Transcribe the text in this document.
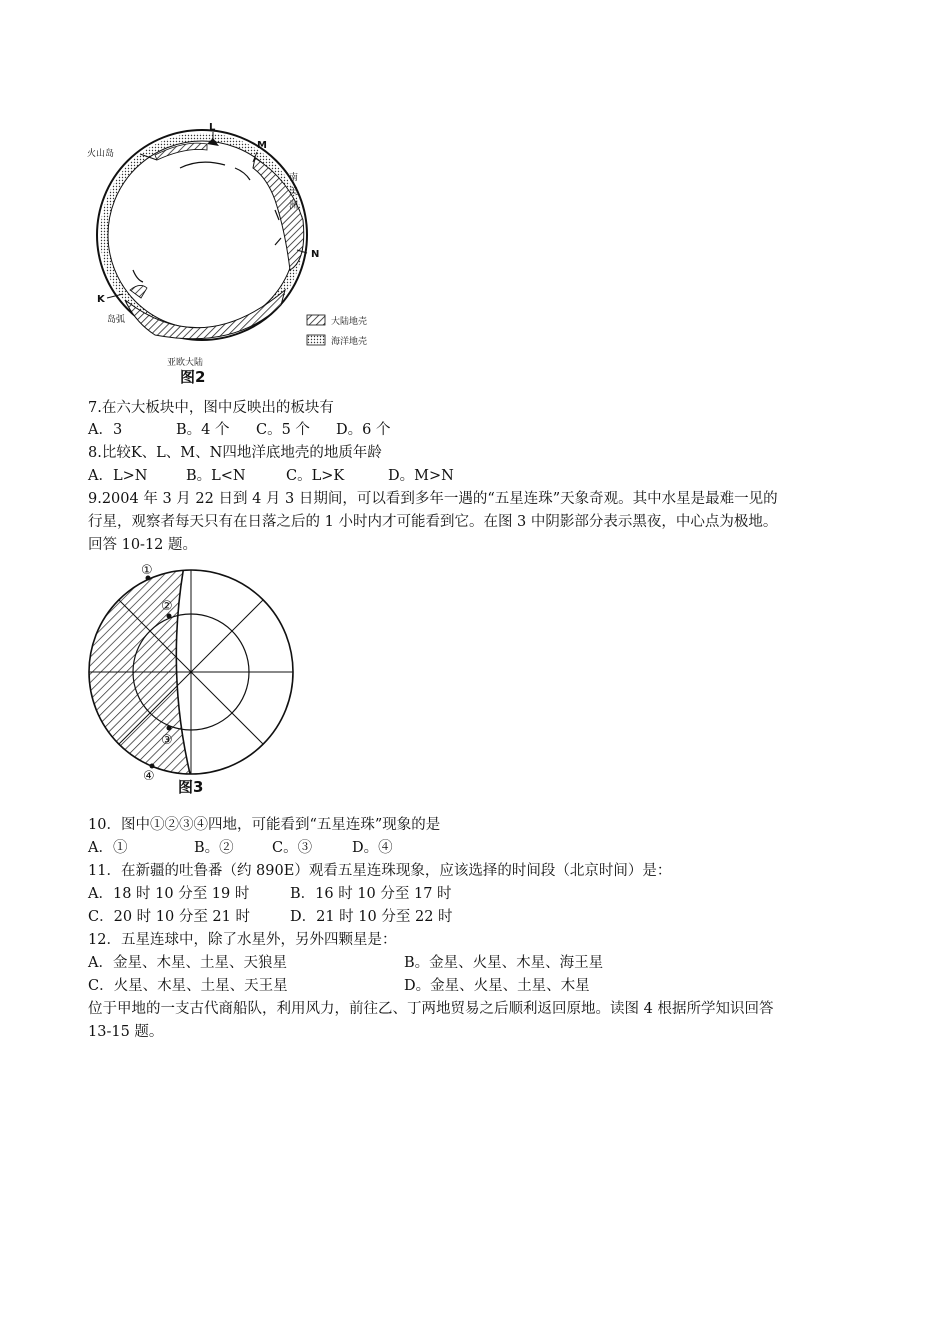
L
M
N
K
火山岛
南
美
洲
岛弧
亚欧大陆
大陆地壳
海洋地壳
图2
7.在六大板块中，图中反映出的板块有
A．3	B。4 个 C。5 个 D。6 个
8.比较K、L、M、N四地洋底地壳的地质年龄
A．L>N	B。L<N	C。L>K	D。M>N
9.2004 年 3 月 22 日到 4 月 3 日期间，可以看到多年一遇的“五星连珠”天象奇观。其中水星是最难一见的
行星，观察者每天只有在日落之后的 1 小时内才可能看到它。在图 3 中阴影部分表示黑夜，中心点为极地。
回答 10-12 题。
①
②
③
④
图3
10．图中①②③④四地，可能看到“五星连珠”现象的是
A．①	B。②	C。③	D。④
11．在新疆的吐鲁番（约 890E）观看五星连珠现象，应该选择的时间段（北京时间）是：
A．18 时 10 分至 19 时	B．16 时 10 分至 17 时
C．20 时 10 分至 21 时	D．21 时 10 分至 22 时
12．五星连球中，除了水星外，另外四颗星是：
A．金星、木星、土星、天狼星	B。金星、火星、木星、海王星
C．火星、木星、土星、天王星	D。金星、火星、土星、木星
位于甲地的一支古代商船队，利用风力，前往乙、丁两地贸易之后顺利返回原地。读图 4 根据所学知识回答
13-15 题。
